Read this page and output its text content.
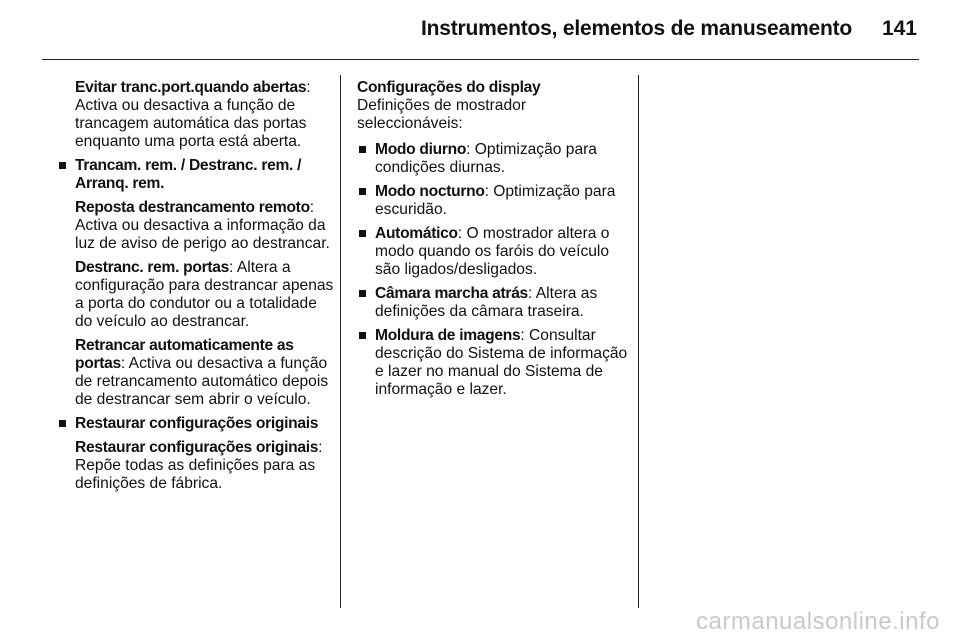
Instrumentos, elementos de manuseamento 141

Evitar tranc.port.quando abertas:
Activa ou desactiva a função de trancagem automática das portas enquanto uma porta está aberta.

Trancam. rem. / Destranc. rem. / Arranq. rem.

Reposta destrancamento remoto:
Activa ou desactiva a informação da luz de aviso de perigo ao destrancar.

Destranc. rem. portas: Altera a configuração para destrancar apenas a porta do condutor ou a totalidade do veículo ao destrancar.

Retrancar automaticamente as portas: Activa ou desactiva a função de retrancamento automático depois de destrancar sem abrir o veículo.

Restaurar configurações originais

Restaurar configurações originais:
Repõe todas as definições para as definições de fábrica.

Configurações do display

Definições de mostrador seleccionáveis:

Modo diurno: Optimização para condições diurnas.
Modo nocturno: Optimização para escuridão.
Automático: O mostrador altera o modo quando os faróis do veículo são ligados/desligados.
Câmara marcha atrás: Altera as definições da câmara traseira.
Moldura de imagens: Consultar descrição do Sistema de informação e lazer no manual do Sistema de informação e lazer.
carmanualsonline.info
